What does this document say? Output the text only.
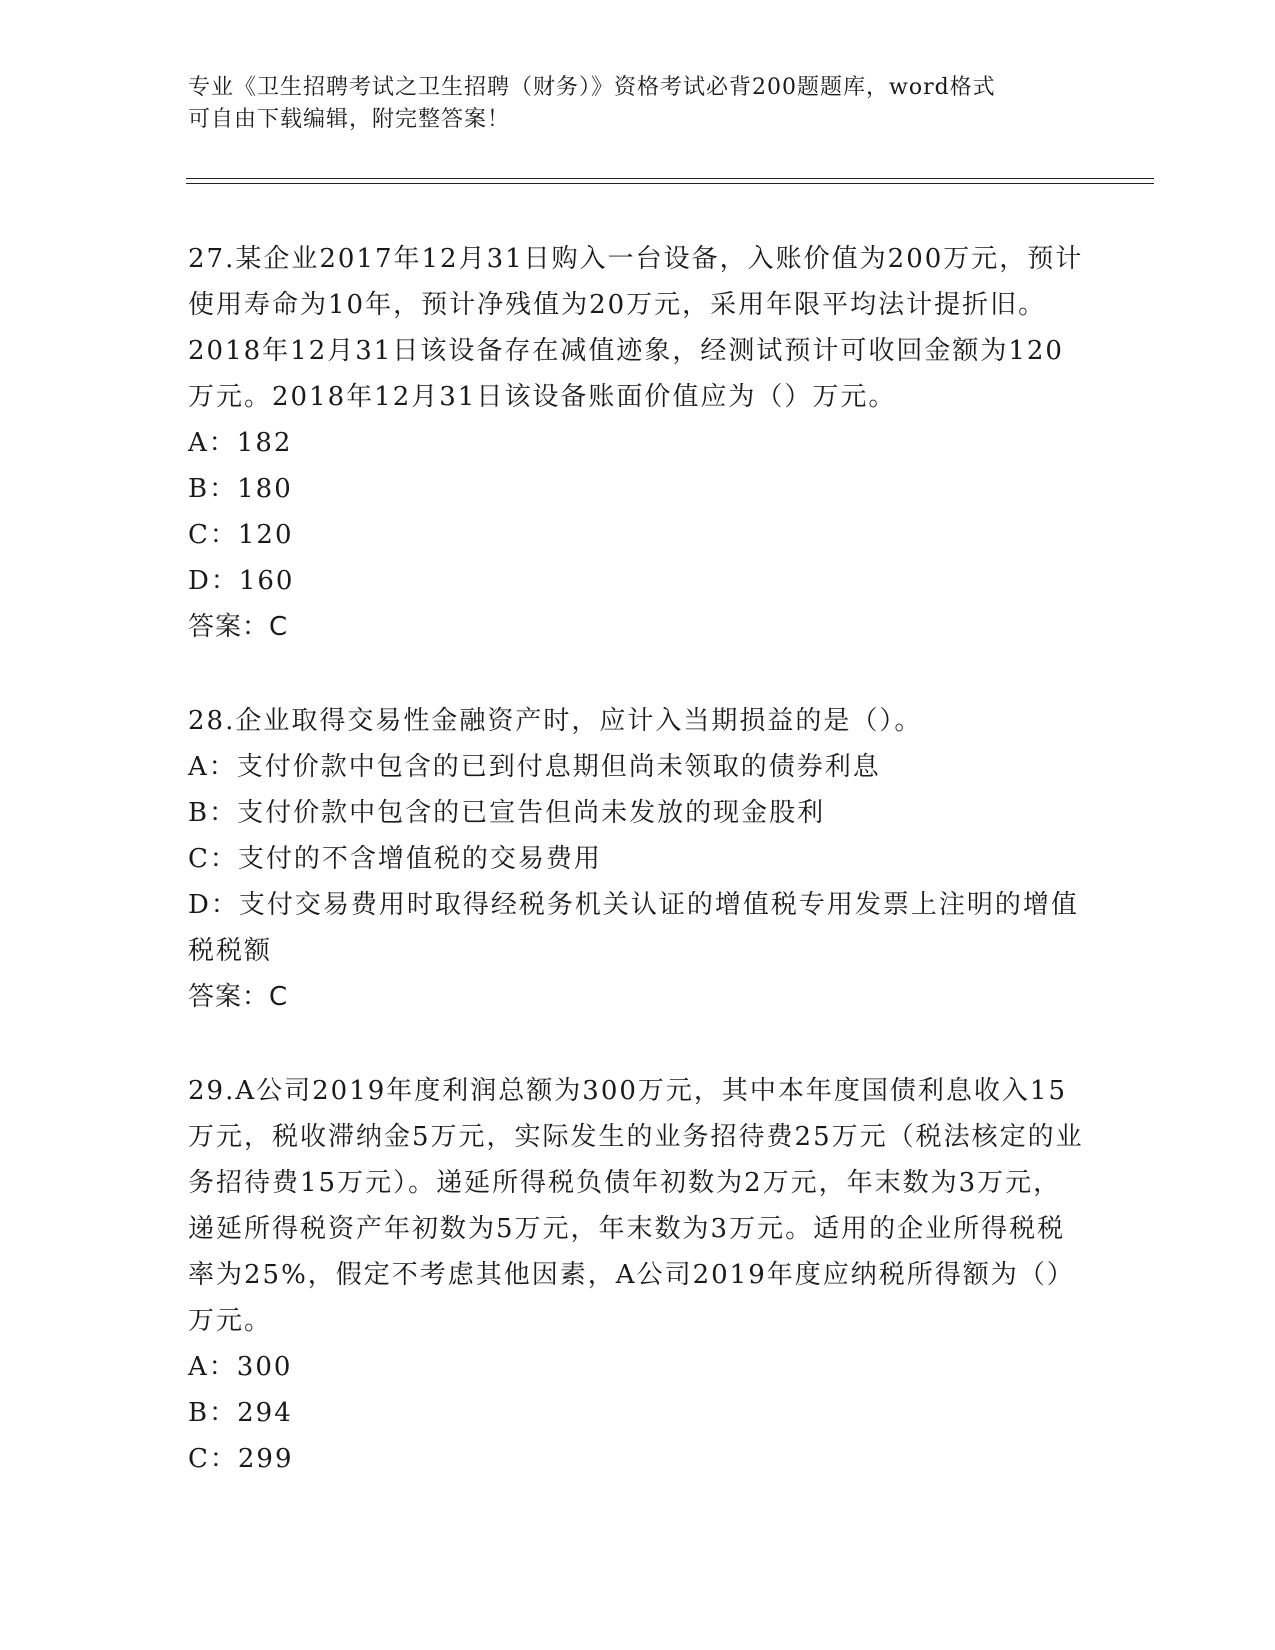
专业《卫生招聘考试之卫生招聘（财务）》资格考试必背200题题库，word格式
可自由下载编辑，附完整答案！
27.某企业2017年12月31日购入一台设备，入账价值为200万元，预计使用寿命为10年，预计净残值为20万元，采用年限平均法计提折旧。2018年12月31日该设备存在减值迹象，经测试预计可收回金额为120万元。2018年12月31日该设备账面价值应为（）万元。
A：182
B：180
C：120
D：160
答案：C
28.企业取得交易性金融资产时，应计入当期损益的是（）。
A：支付价款中包含的已到付息期但尚未领取的债券利息
B：支付价款中包含的已宣告但尚未发放的现金股利
C：支付的不含增值税的交易费用
D：支付交易费用时取得经税务机关认证的增值税专用发票上注明的增值税税额
答案：C
29.A公司2019年度利润总额为300万元，其中本年度国债利息收入15万元，税收滞纳金5万元，实际发生的业务招待费25万元（税法核定的业务招待费15万元）。递延所得税负债年初数为2万元，年末数为3万元，递延所得税资产年初数为5万元，年末数为3万元。适用的企业所得税税率为25%，假定不考虑其他因素，A公司2019年度应纳税所得额为（）万元。
A：300
B：294
C：299
